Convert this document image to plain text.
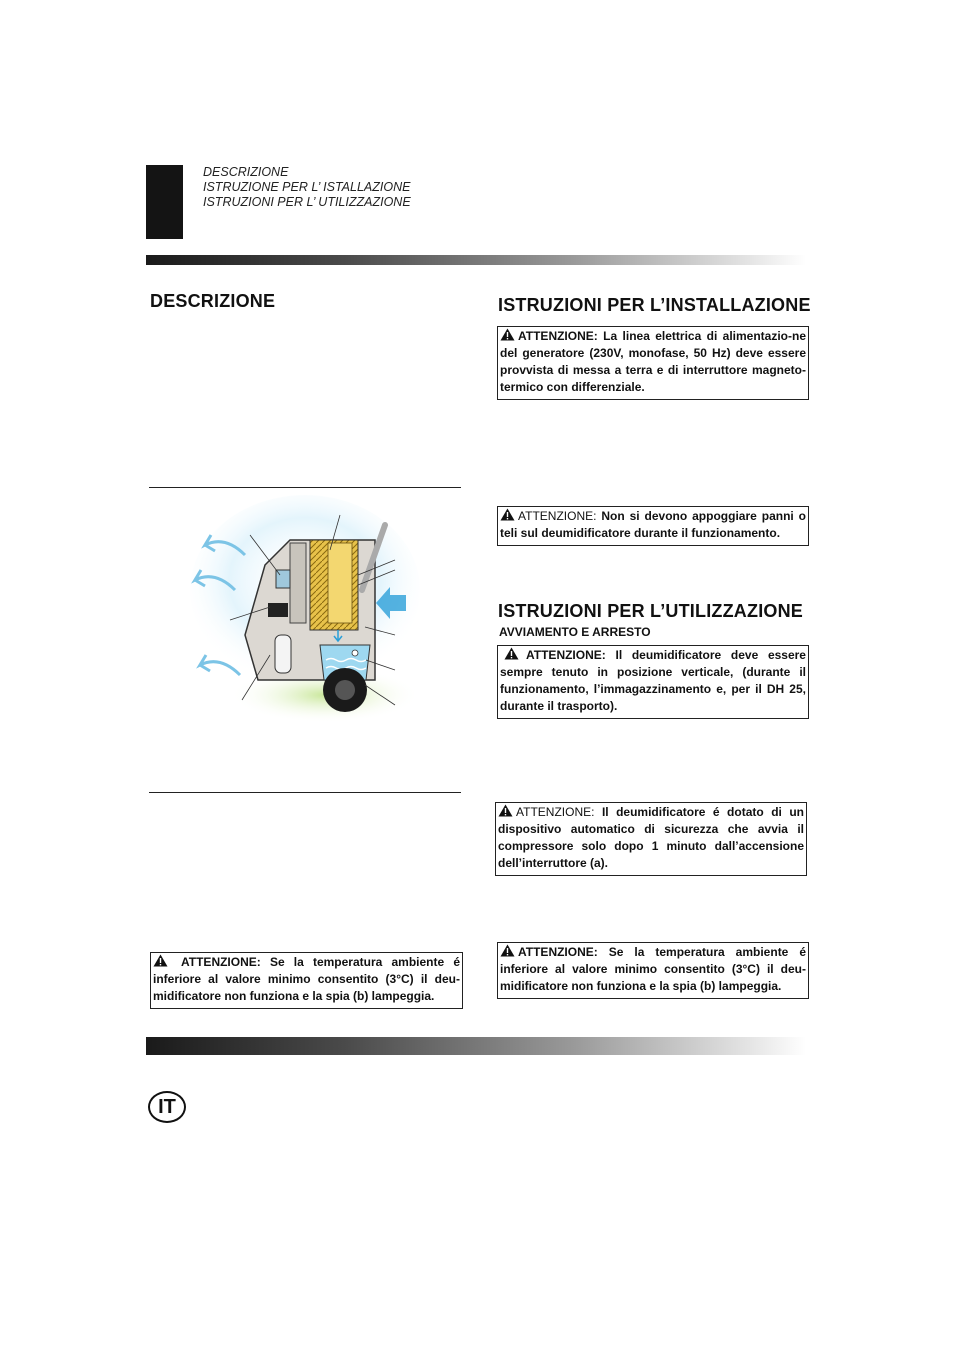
DESCRIZIONE
ISTRUZIONE PER L’ ISTALLAZIONE
ISTRUZIONI PER L’ UTILIZZAZIONE
DESCRIZIONE
ATTENZIONE: Se la temperatura ambiente é inferiore al valore minimo consentito (3°C) il deu-midificatore non funziona e la spia (b) lampeggia.
ISTRUZIONI PER L’INSTALLAZIONE
ATTENZIONE: La linea elettrica di alimentazio-ne del generatore (230V, monofase, 50 Hz) deve essere provvista di messa a terra e di interruttore magneto-termico con differenziale.
ATTENZIONE: Non si devono appoggiare panni o teli sul deumidificatore durante il funzionamento.
ISTRUZIONI PER L’UTILIZZAZIONE
AVVIAMENTO E ARRESTO
ATTENZIONE: Il deumidificatore deve essere sempre tenuto in posizione verticale, (durante il funzionamento, l’immagazzinamento e, per il DH 25, durante il trasporto).
ATTENZIONE: Il deumidificatore é dotato di un dispositivo automatico di sicurezza che avvia il compressore solo dopo 1 minuto dall’accensione dell’interruttore (a).
ATTENZIONE: Se la temperatura ambiente é inferiore al valore minimo consentito (3°C) il deu-midificatore non funziona e la spia (b) lampeggia.
IT
